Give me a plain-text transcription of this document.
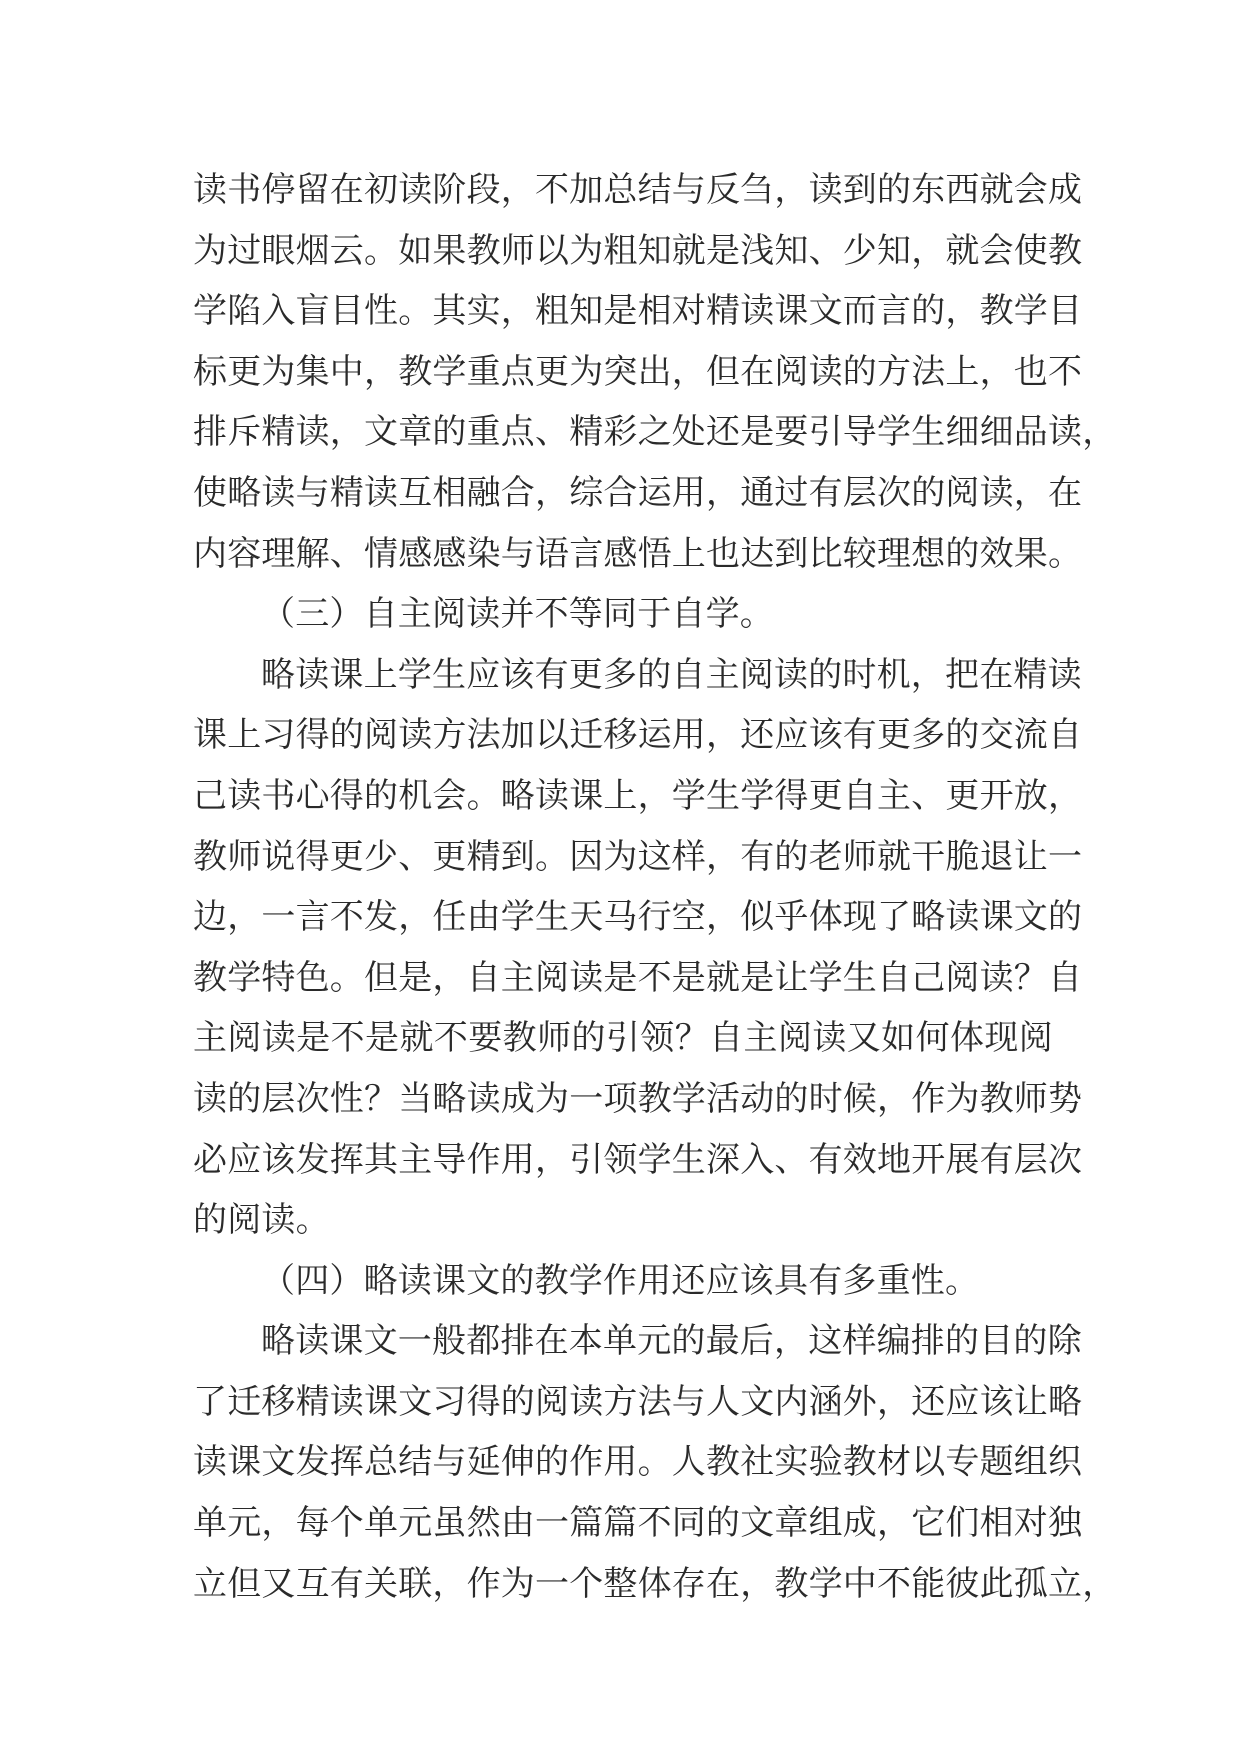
读书停留在初读阶段，不加总结与反刍，读到的东西就会成
为过眼烟云。如果教师以为粗知就是浅知、少知，就会使教
学陷入盲目性。其实，粗知是相对精读课文而言的，教学目
标更为集中，教学重点更为突出，但在阅读的方法上，也不
排斥精读，文章的重点、精彩之处还是要引导学生细细品读，
使略读与精读互相融合，综合运用，通过有层次的阅读，在
内容理解、情感感染与语言感悟上也达到比较理想的效果。
（三）自主阅读并不等同于自学。
略读课上学生应该有更多的自主阅读的时机，把在精读
课上习得的阅读方法加以迁移运用，还应该有更多的交流自
己读书心得的机会。略读课上，学生学得更自主、更开放，
教师说得更少、更精到。因为这样，有的老师就干脆退让一
边，一言不发，任由学生天马行空，似乎体现了略读课文的
教学特色。但是，自主阅读是不是就是让学生自己阅读？自
主阅读是不是就不要教师的引领？自主阅读又如何体现阅
读的层次性？当略读成为一项教学活动的时候，作为教师势
必应该发挥其主导作用，引领学生深入、有效地开展有层次
的阅读。
（四）略读课文的教学作用还应该具有多重性。
略读课文一般都排在本单元的最后，这样编排的目的除
了迁移精读课文习得的阅读方法与人文内涵外，还应该让略
读课文发挥总结与延伸的作用。人教社实验教材以专题组织
单元，每个单元虽然由一篇篇不同的文章组成，它们相对独
立但又互有关联，作为一个整体存在，教学中不能彼此孤立，
